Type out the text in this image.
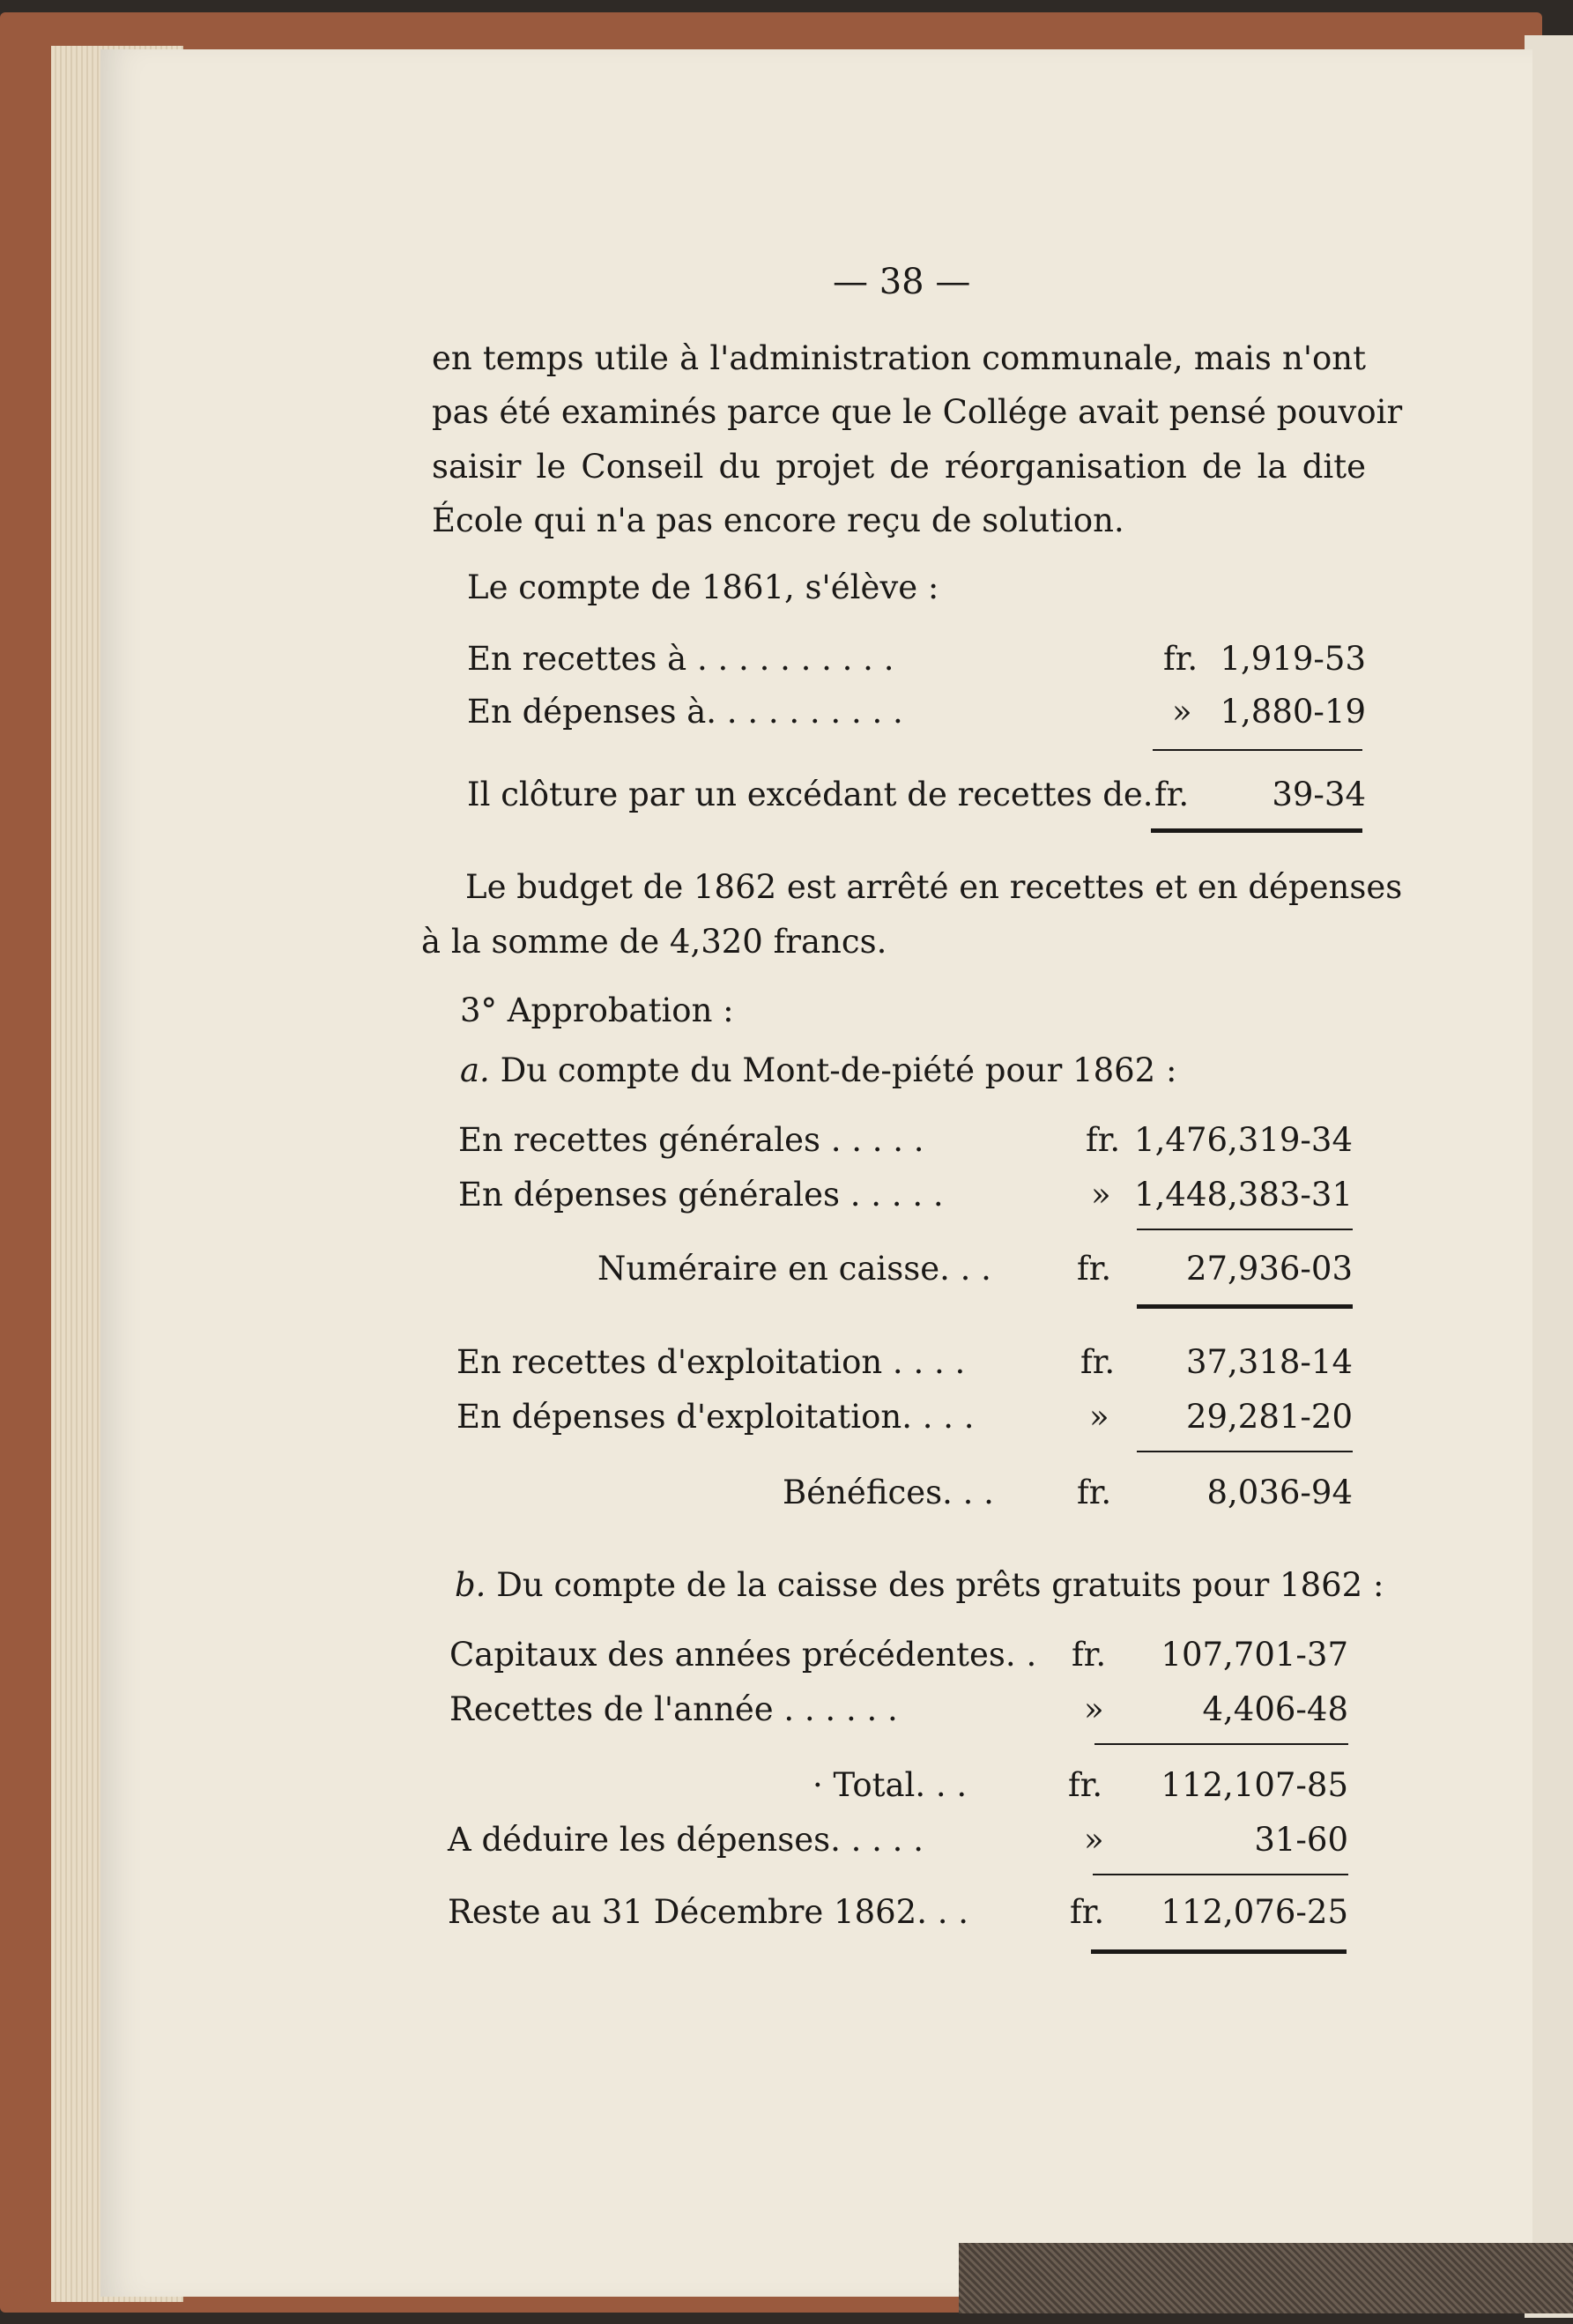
— 38 —
en temps utile à l'administration communale, mais n'ont
pas été examinés parce que le Collége avait pensé pouvoir
saisir le Conseil du projet de réorganisation de la dite
École qui n'a pas encore reçu de solution.
Le compte de 1861, s'élève :
En recettes à . . . . . . . . . .	fr. 1,919-53
En dépenses à. . . . . . . . . .	» 1,880-19
Il clôture par un excédant de recettes de. fr.	39-34
Le budget de 1862 est arrêté en recettes et en dépenses
à la somme de 4,320 francs.
3° Approbation :
a. Du compte du Mont-de-piété pour 1862 :
En recettes générales . . . . .	fr. 1,476,319-34
En dépenses générales . . . . .	» 1,448,383-31
Numéraire en caisse. . .	fr. 27,936-03
En recettes d'exploitation . . . .	fr. 37,318-14
En dépenses d'exploitation. . . .	» 29,281-20
Bénéfices. . .	fr.	8,036-94
b. Du compte de la caisse des prêts gratuits pour 1862 :
Capitaux des années précédentes. . fr. 107,701-37
Recettes de l'année . . . . . .	»	4,406-48
· Total. . .	fr. 112,107-85
A déduire les dépenses. . . . .	»	31-60
Reste au 31 Décembre 1862. . .	fr. 112,076-25
